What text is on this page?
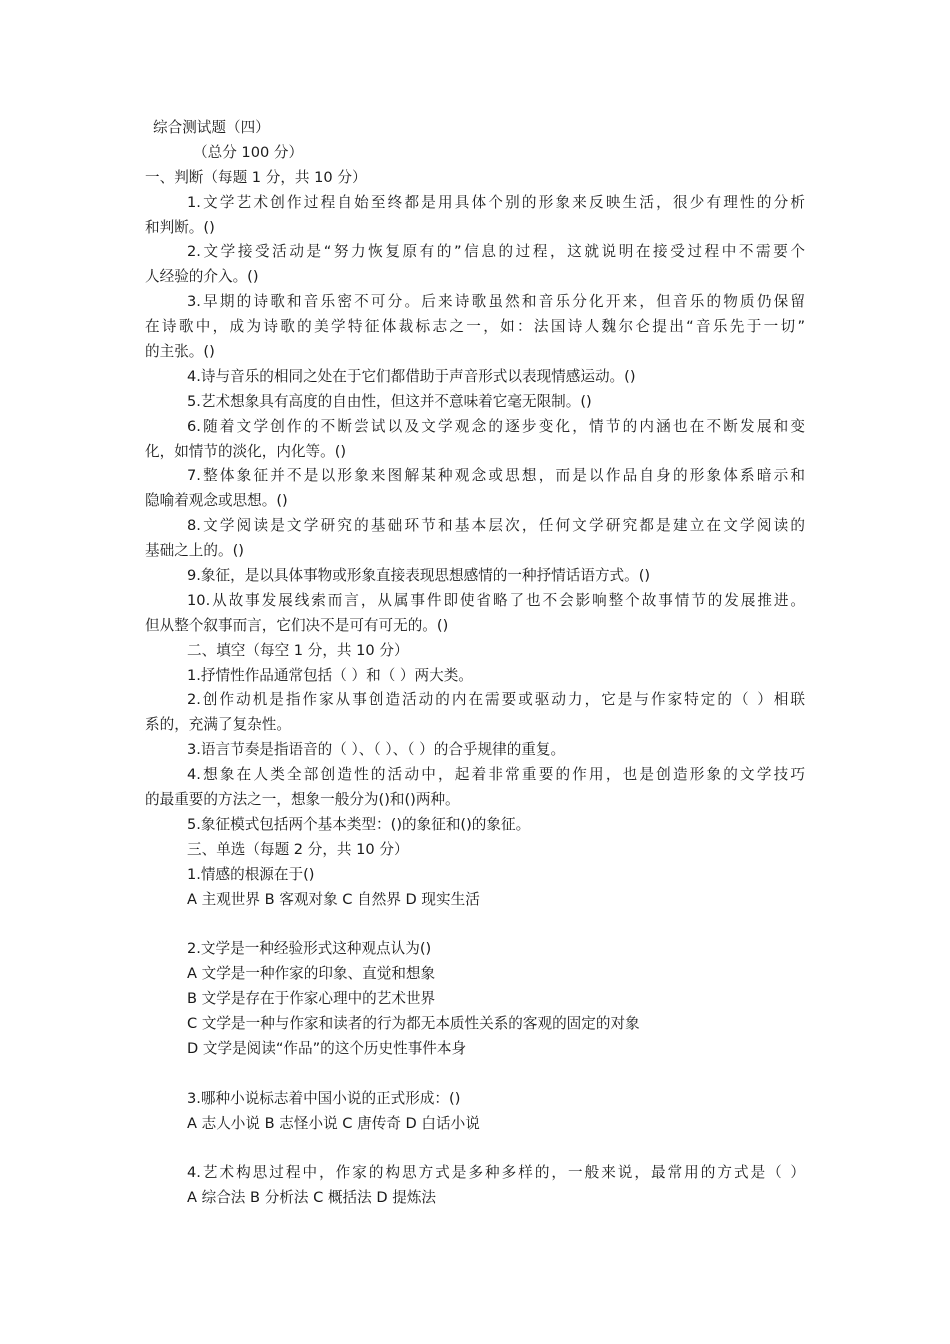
综合测试题（四）
（总分 100 分）
一、判断（每题 1 分，共 10 分）
1.文学艺术创作过程自始至终都是用具体个别的形象来反映生活，很少有理性的分析
和判断。()
2.文学接受活动是“努力恢复原有的”信息的过程，这就说明在接受过程中不需要个
人经验的介入。()
3.早期的诗歌和音乐密不可分。后来诗歌虽然和音乐分化开来，但音乐的物质仍保留
在诗歌中，成为诗歌的美学特征体裁标志之一，如：法国诗人魏尔仑提出“音乐先于一切”
的主张。()
4.诗与音乐的相同之处在于它们都借助于声音形式以表现情感运动。()
5.艺术想象具有高度的自由性，但这并不意味着它毫无限制。()
6.随着文学创作的不断尝试以及文学观念的逐步变化，情节的内涵也在不断发展和变
化，如情节的淡化，内化等。()
7.整体象征并不是以形象来图解某种观念或思想，而是以作品自身的形象体系暗示和
隐喻着观念或思想。()
8.文学阅读是文学研究的基础环节和基本层次，任何文学研究都是建立在文学阅读的
基础之上的。()
9.象征，是以具体事物或形象直接表现思想感情的一种抒情话语方式。()
10.从故事发展线索而言，从属事件即使省略了也不会影响整个故事情节的发展推进。
但从整个叙事而言，它们决不是可有可无的。()
二、填空（每空 1 分，共 10 分）
1.抒情性作品通常包括（ ）和（ ）两大类。
2.创作动机是指作家从事创造活动的内在需要或驱动力，它是与作家特定的（ ）相联
系的，充满了复杂性。
3.语言节奏是指语音的（ ）、（ ）、（ ）的合乎规律的重复。
4.想象在人类全部创造性的活动中，起着非常重要的作用，也是创造形象的文学技巧
的最重要的方法之一，想象一般分为()和()两种。
5.象征模式包括两个基本类型：()的象征和()的象征。
三、单选（每题 2 分，共 10 分）
1.情感的根源在于()
A 主观世界 B 客观对象 C 自然界 D 现实生活
2.文学是一种经验形式这种观点认为()
A 文学是一种作家的印象、直觉和想象
B 文学是存在于作家心理中的艺术世界
C 文学是一种与作家和读者的行为都无本质性关系的客观的固定的对象
D 文学是阅读“作品”的这个历史性事件本身
3.哪种小说标志着中国小说的正式形成：()
A 志人小说 B 志怪小说 C 唐传奇 D 白话小说
4.艺术构思过程中，作家的构思方式是多种多样的，一般来说，最常用的方式是（ ）
A 综合法 B 分析法 C 概括法 D 提炼法
